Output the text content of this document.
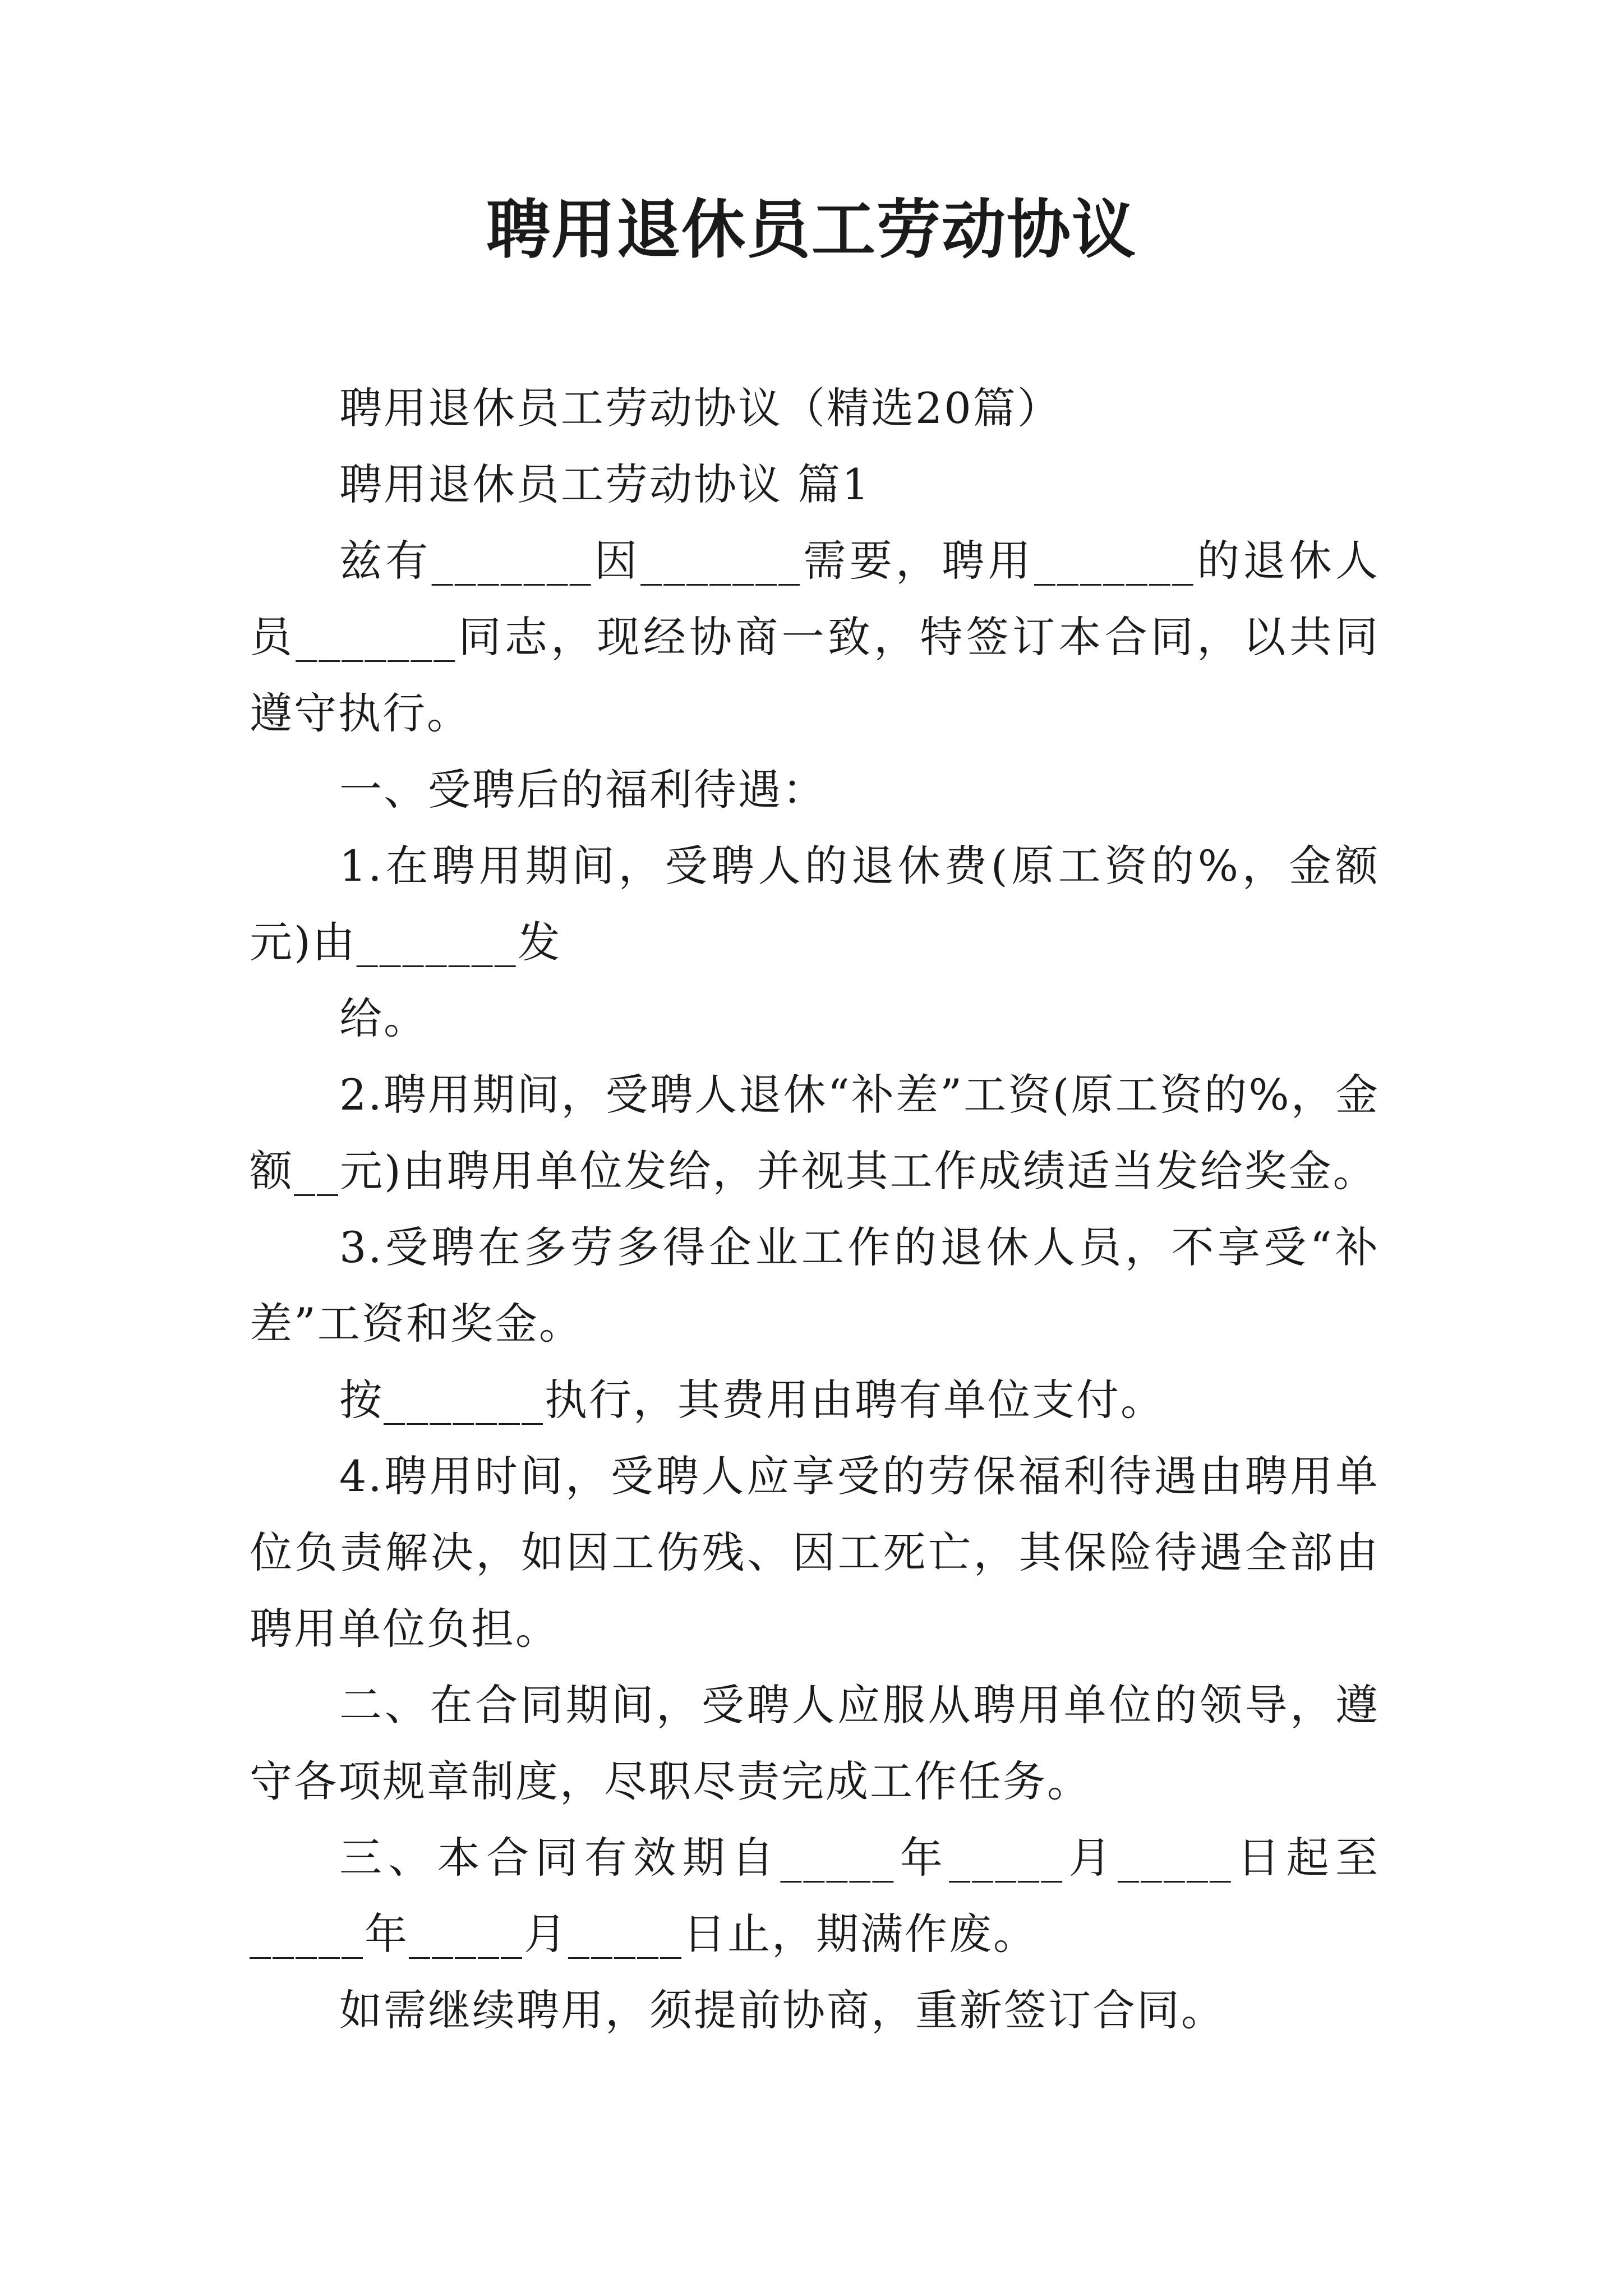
聘用退休员工劳动协议

聘用退休员工劳动协议（精选20篇）

聘用退休员工劳动协议 篇1

兹有_______因_______需要，聘用_______的退休人员_______同志，现经协商一致，特签订本合同，以共同遵守执行。

一、受聘后的福利待遇：

1.在聘用期间，受聘人的退休费(原工资的%，金额元)由_______发

给。

2.聘用期间，受聘人退休“补差”工资(原工资的%，金额__元)由聘用单位发给，并视其工作成绩适当发给奖金。

3.受聘在多劳多得企业工作的退休人员，不享受“补差”工资和奖金。

按_______执行，其费用由聘有单位支付。

4.聘用时间，受聘人应享受的劳保福利待遇由聘用单位负责解决，如因工伤残、因工死亡，其保险待遇全部由聘用单位负担。

二、在合同期间，受聘人应服从聘用单位的领导，遵守各项规章制度，尽职尽责完成工作任务。

三、本合同有效期自_____年_____月_____日起至_____年_____月_____日止，期满作废。

如需继续聘用，须提前协商，重新签订合同。
